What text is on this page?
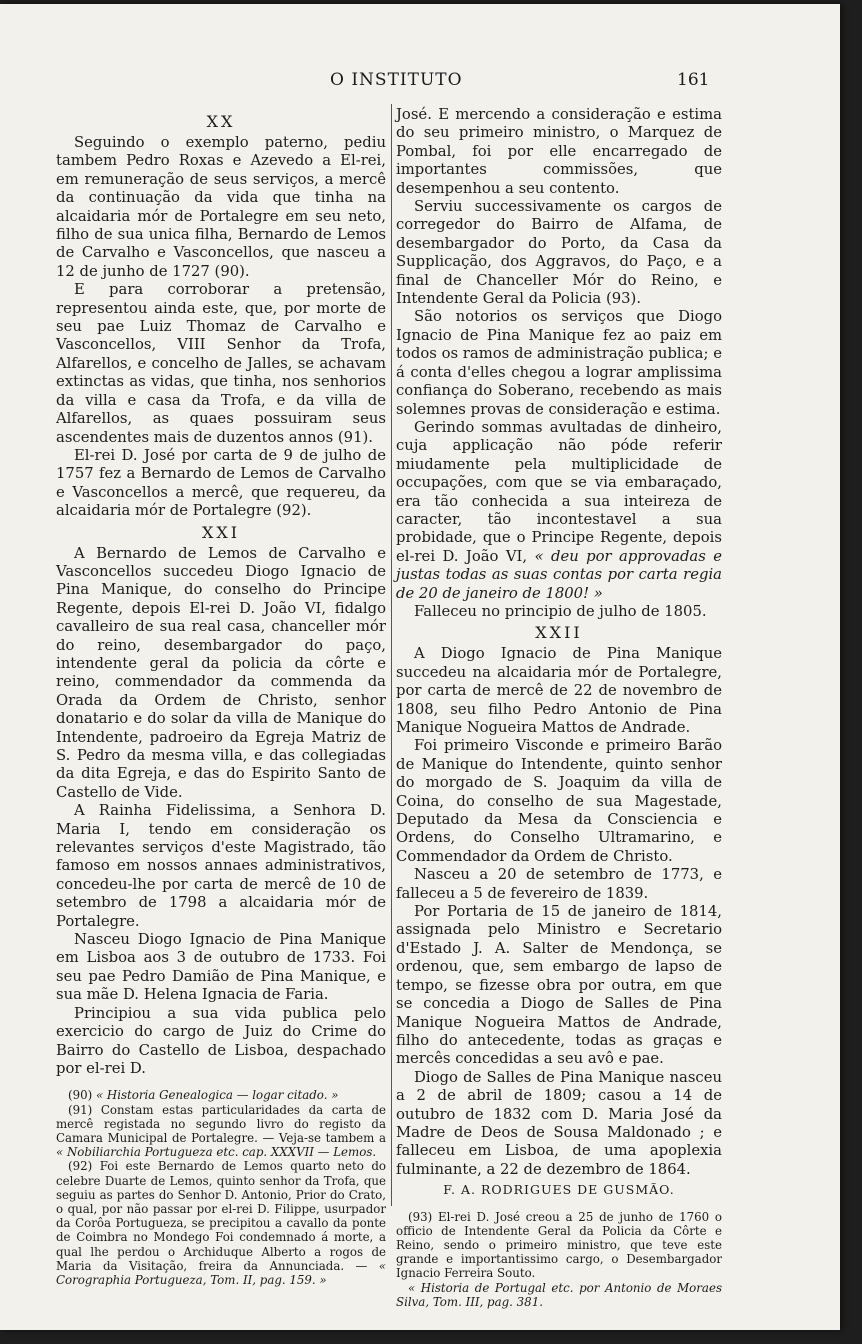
O INSTITUTO	161
XX

Seguindo o exemplo paterno, pediu tambem Pedro Roxas e Azevedo a El-rei, em remuneração de seus serviços, a mercê da continuação da vida que tinha na alcaidaria mór de Portalegre em seu neto, filho de sua unica filha, Bernardo de Lemos de Carvalho e Vasconcellos, que nasceu a 12 de junho de 1727 (90).

E para corroborar a pretensão, representou ainda este, que, por morte de seu pae Luiz Thomaz de Carvalho e Vasconcellos, VIII Senhor da Trofa, Alfarellos, e concelho de Jalles, se achavam extinctas as vidas, que tinha, nos senhorios da villa e casa da Trofa, e da villa de Alfarellos, as quaes possuiram seus ascendentes mais de duzentos annos (91).

El-rei D. José por carta de 9 de julho de 1757 fez a Bernardo de Lemos de Carvalho e Vasconcellos a mercê, que requereu, da alcaidaria mór de Portalegre (92).

XXI

A Bernardo de Lemos de Carvalho e Vasconcellos succedeu Diogo Ignacio de Pina Manique, do conselho do Principe Regente, depois El-rei D. João VI, fidalgo cavalleiro de sua real casa, chanceller mór do reino, desembargador do paço, intendente geral da policia da côrte e reino, commendador da commenda da Orada da Ordem de Christo, senhor donatario e do solar da villa de Manique do Intendente, padroeiro da Egreja Matriz de S. Pedro da mesma villa, e das collegiadas da dita Egreja, e das do Espirito Santo de Castello de Vide.

A Rainha Fidelissima, a Senhora D. Maria I, tendo em consideração os relevantes serviços d'este Magistrado, tão famoso em nossos annaes administrativos, concedeu-lhe por carta de mercê de 10 de setembro de 1798 a alcaidaria mór de Portalegre.

Nasceu Diogo Ignacio de Pina Manique em Lisboa aos 3 de outubro de 1733. Foi seu pae Pedro Damião de Pina Manique, e sua mãe D. Helena Ignacia de Faria.

Principiou a sua vida publica pelo exercicio do cargo de Juiz do Crime do Bairro do Castello de Lisboa, despachado por el-rei D.

(90) « Historia Genealogica — logar citado. »

(91) Constam estas particularidades da carta de mercê registada no segundo livro do registo da Camara Municipal de Portalegre. — Veja-se tambem a « Nobiliarchia Portugueza etc. cap. XXXVII — Lemos.

(92) Foi este Bernardo de Lemos quarto neto do celebre Duarte de Lemos, quinto senhor da Trofa, que seguiu as partes do Senhor D. Antonio, Prior do Crato, o qual, por não passar por el-rei D. Filippe, usurpador da Corôa Portugueza, se precipitou a cavallo da ponte de Coimbra no Mondego Foi condemnado á morte, a qual lhe perdou o Archiduque Alberto a rogos de Maria da Visitação, freira da Annunciada. — « Corographia Portugueza, Tom. II, pag. 159. »

José. E mercendo a consideração e estima do seu primeiro ministro, o Marquez de Pombal, foi por elle encarregado de importantes commissões, que desempenhou a seu contento.

Serviu successivamente os cargos de corregedor do Bairro de Alfama, de desembargador do Porto, da Casa da Supplicação, dos Aggravos, do Paço, e a final de Chanceller Mór do Reino, e Intendente Geral da Policia (93).

São notorios os serviços que Diogo Ignacio de Pina Manique fez ao paiz em todos os ramos de administração publica; e á conta d'elles chegou a lograr amplissima confiança do Soberano, recebendo as mais solemnes provas de consideração e estima.

Gerindo sommas avultadas de dinheiro, cuja applicação não póde referir miudamente pela multiplicidade de occupações, com que se via embaraçado, era tão conhecida a sua inteireza de caracter, tão incontestavel a sua probidade, que o Principe Regente, depois el-rei D. João VI, « deu por approvadas e justas todas as suas contas por carta regia de 20 de janeiro de 1800! »

Falleceu no principio de julho de 1805.

XXII

A Diogo Ignacio de Pina Manique succedeu na alcaidaria mór de Portalegre, por carta de mercê de 22 de novembro de 1808, seu filho Pedro Antonio de Pina Manique Nogueira Mattos de Andrade.

Foi primeiro Visconde e primeiro Barão de Manique do Intendente, quinto senhor do morgado de S. Joaquim da villa de Coina, do conselho de sua Magestade, Deputado da Mesa da Consciencia e Ordens, do Conselho Ultramarino, e Commendador da Ordem de Christo.

Nasceu a 20 de setembro de 1773, e falleceu a 5 de fevereiro de 1839.

Por Portaria de 15 de janeiro de 1814, assignada pelo Ministro e Secretario d'Estado J. A. Salter de Mendonça, se ordenou, que, sem embargo de lapso de tempo, se fizesse obra por outra, em que se concedia a Diogo de Salles de Pina Manique Nogueira Mattos de Andrade, filho do antecedente, todas as graças e mercês concedidas a seu avô e pae.

Diogo de Salles de Pina Manique nasceu a 2 de abril de 1809; casou a 14 de outubro de 1832 com D. Maria José da Madre de Deos de Sousa Maldonado ; e falleceu em Lisboa, de uma apoplexia fulminante, a 22 de dezembro de 1864.

F. A. RODRIGUES DE GUSMÃO.

(93) El-rei D. José creou a 25 de junho de 1760 o officio de Intendente Geral da Policia da Côrte e Reino, sendo o primeiro ministro, que teve este grande e importantissimo cargo, o Desembargador Ignacio Ferreira Souto.

« Historia de Portugal etc. por Antonio de Moraes Silva, Tom. III, pag. 381.
